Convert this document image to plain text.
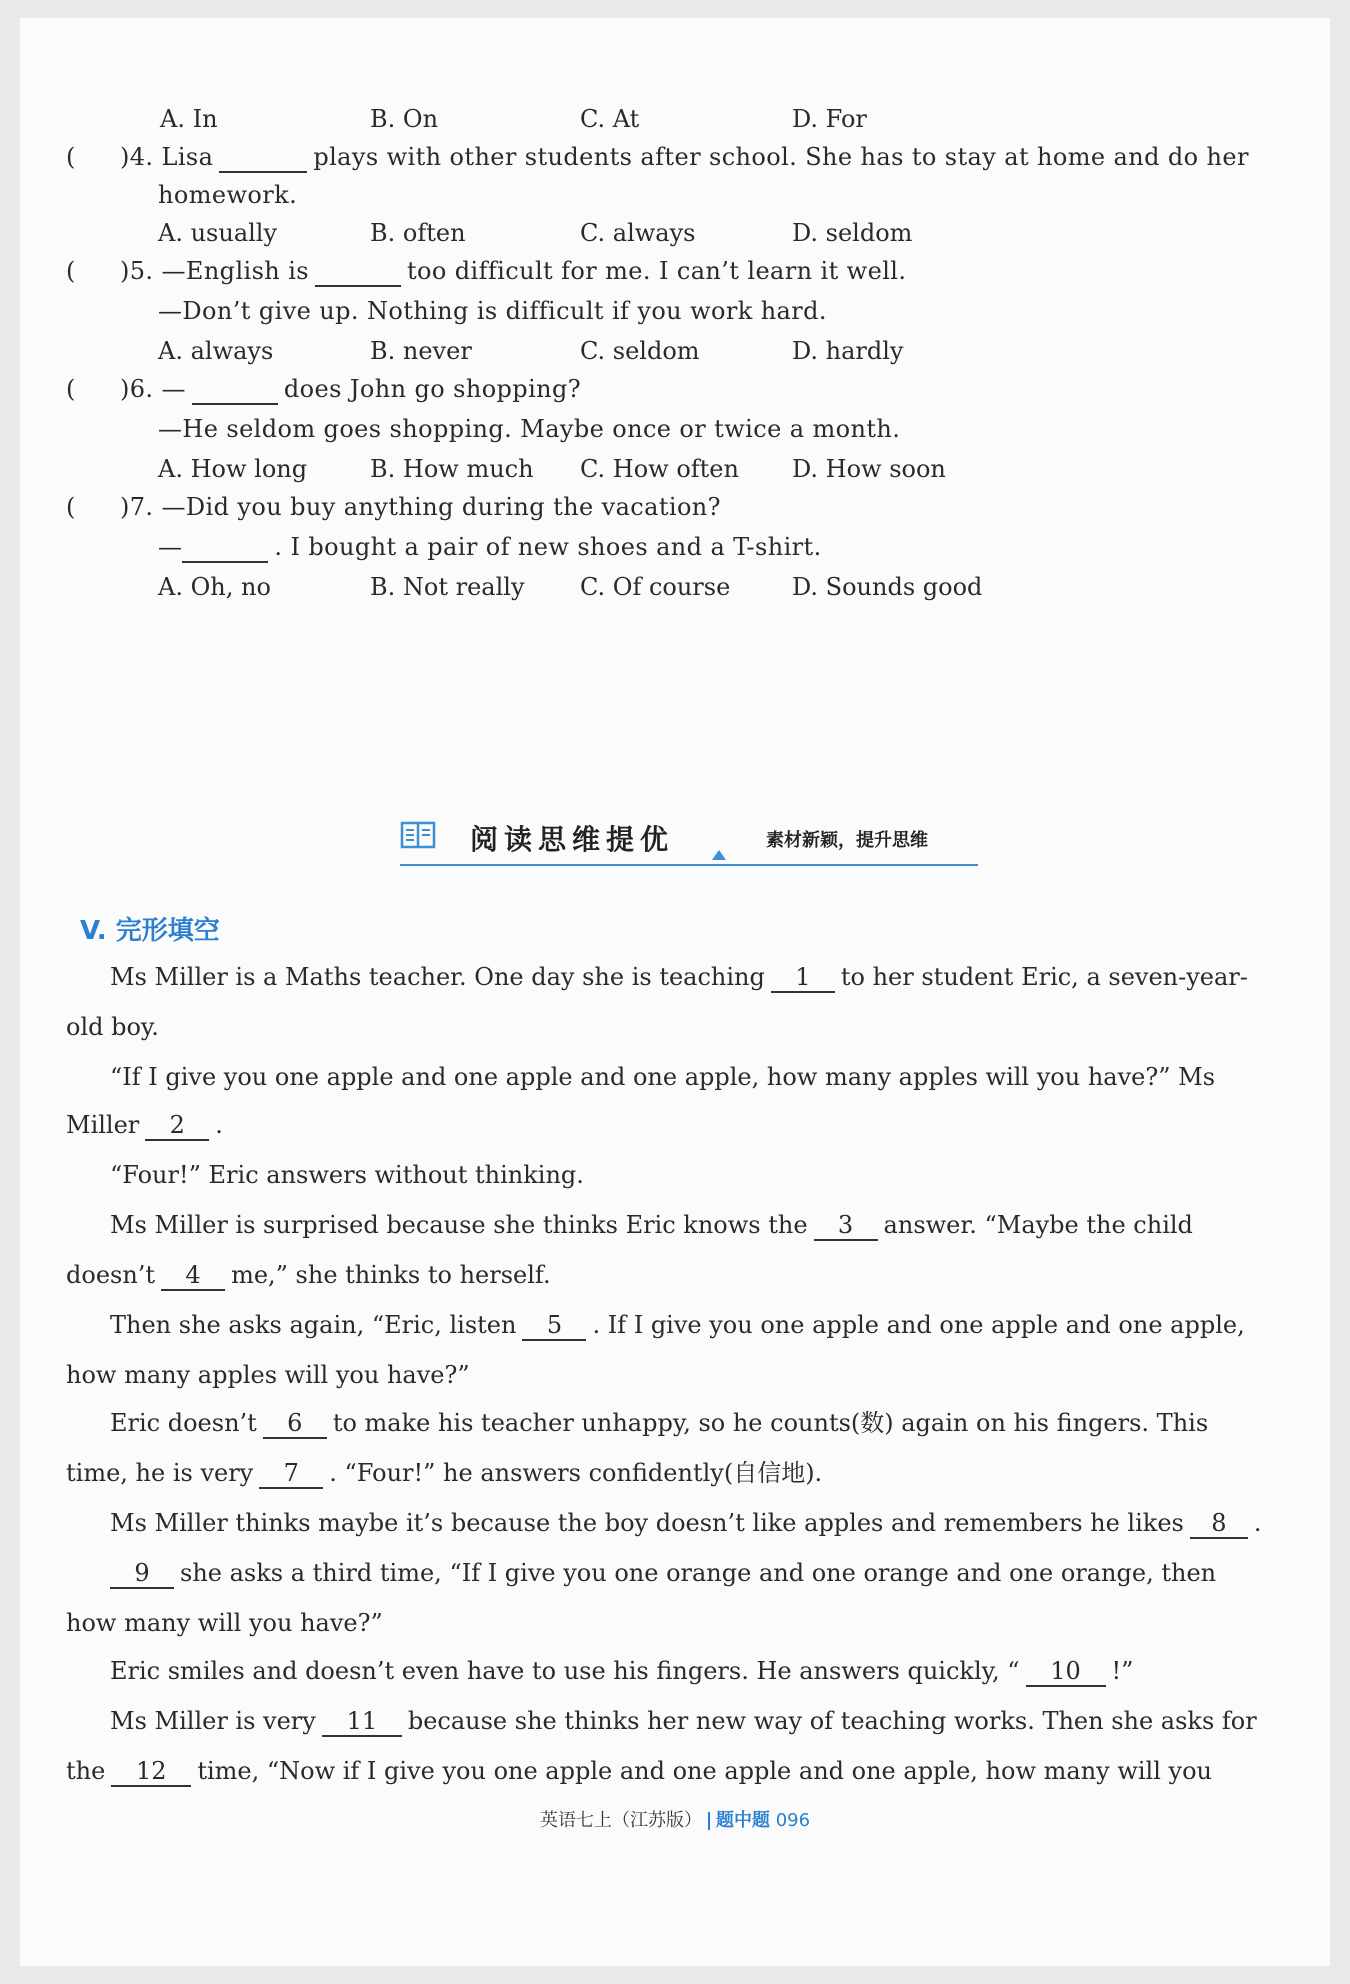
A. In	B. On	C. At	D. For
( )4. Lisa	plays with other students after school. She has to stay at home and do her
homework.
A. usually	B. often	C. always	D. seldom
( )5. —English is	too difficult for me. I can’t learn it well.
—Don’t give up. Nothing is difficult if you work hard.
A. always	B. never	C. seldom	D. hardly
( )6. —	does John go shopping?
—He seldom goes shopping. Maybe once or twice a month.
A. How long	B. How much C. How often D. How soon
( )7. —Did you buy anything during the vacation?
—	. I bought a pair of new shoes and a T-shirt.
A. Oh, no	B. Not really C. Of course	D. Sounds good
阅读思维提优	素材新颖，提升思维
V. 完形填空
Ms Miller is a Maths teacher. One day she is teaching 1 to her student Eric, a seven-year-
old boy.
“If I give you one apple and one apple and one apple, how many apples will you have?” Ms
Miller 2 .
“Four!” Eric answers without thinking.
Ms Miller is surprised because she thinks Eric knows the 3 answer. “Maybe the child
doesn’t 4 me,” she thinks to herself.
Then she asks again, “Eric, listen 5 . If I give you one apple and one apple and one apple,
how many apples will you have?”
Eric doesn’t 6 to make his teacher unhappy, so he counts(数) again on his fingers. This
time, he is very 7 . “Four!” he answers confidently(自信地).
Ms Miller thinks maybe it’s because the boy doesn’t like apples and remembers he likes 8 .
9 she asks a third time, “If I give you one orange and one orange and one orange, then
how many will you have?”
Eric smiles and doesn’t even have to use his fingers. He answers quickly, “ 10 !”
Ms Miller is very 11 because she thinks her new way of teaching works. Then she asks for
the 12 time, “Now if I give you one apple and one apple and one apple, how many will you
英语七上（江苏版） 题中题 096
